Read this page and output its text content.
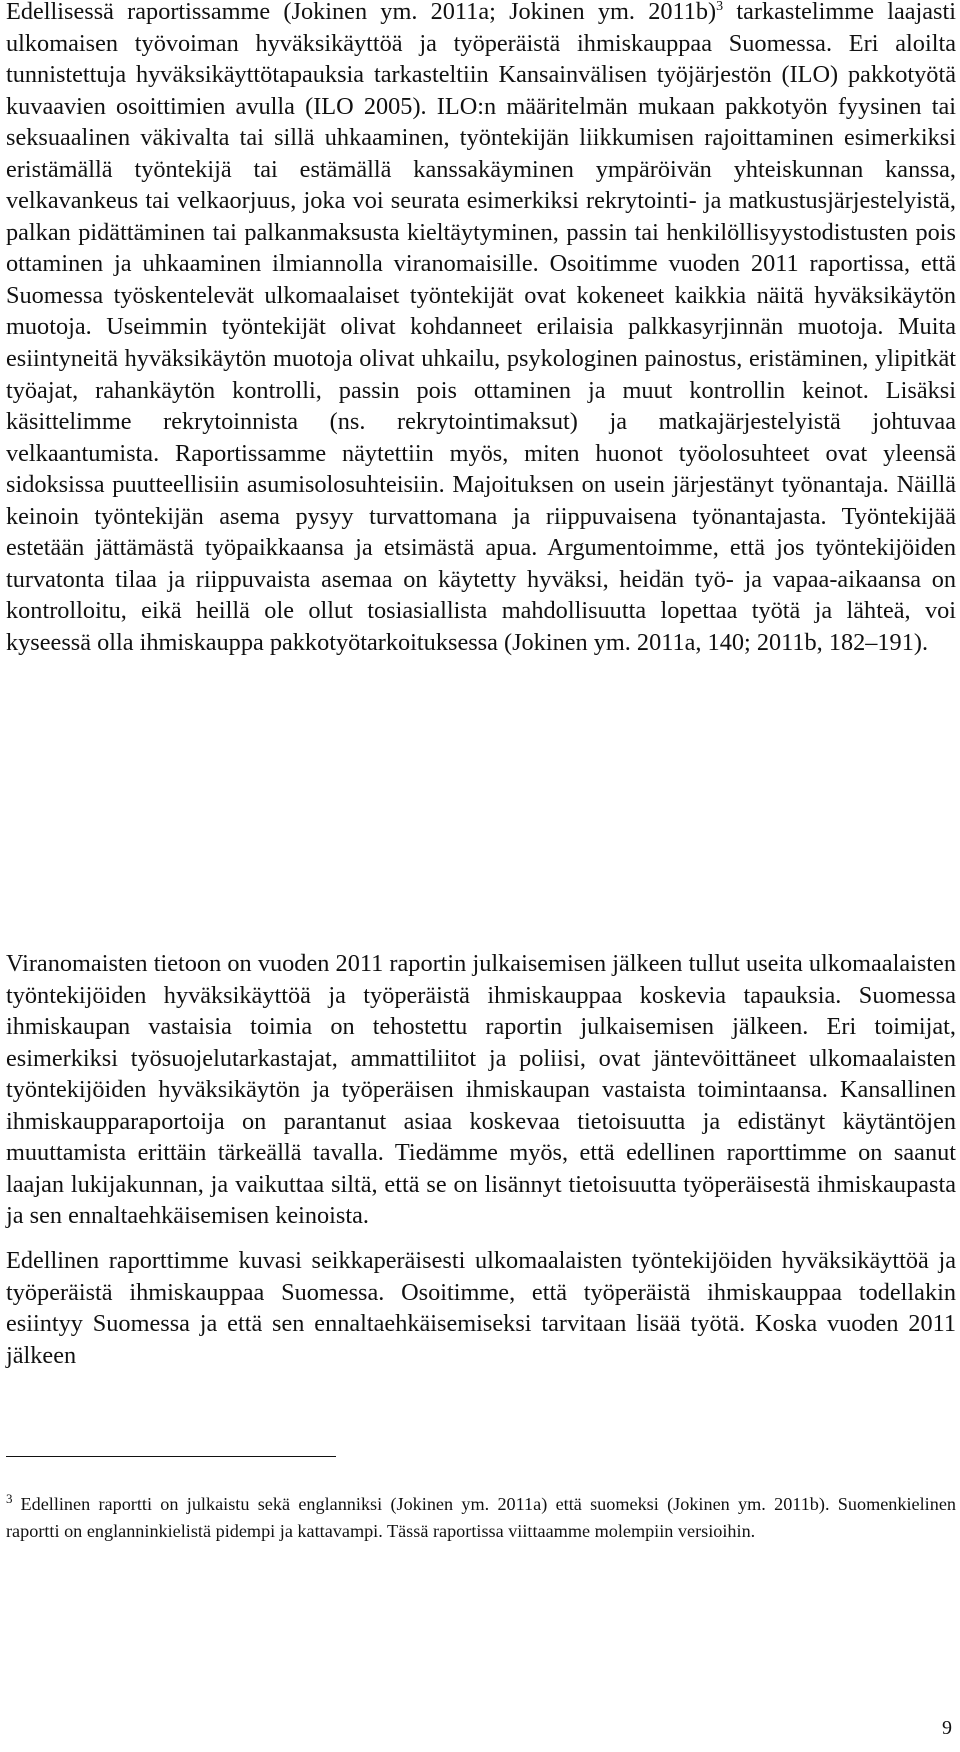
Edellisessä raportissamme (Jokinen ym. 2011a; Jokinen ym. 2011b)$^3$ tarkastelimme laajasti ulkomaisen työvoiman hyväksikäyttöä ja työperäistä ihmiskauppaa Suomessa. Eri aloilta tunnistettuja hyväksikäyttötapauksia tarkasteltiin Kansainvälisen työjärjestön (ILO) pakkotyötä kuvaavien osoittimien avulla (ILO 2005). ILO:n määritelmän mukaan pakkotyön fyysinen tai seksuaalinen väkivalta tai sillä uhkaaminen, työntekijän liikkumisen rajoittaminen esimerkiksi eristämällä työntekijä tai estämällä kanssakäyminen ympäröivän yhteiskunnan kanssa, velkavankeus tai velkaorjuus, joka voi seurata esimerkiksi rekrytointi- ja matkustusjärjestelyistä, palkan pidättäminen tai palkanmaksusta kieltäytyminen, passin tai henkilöllisyystodistusten pois ottaminen ja uhkaaminen ilmiannolla viranomaisille. Osoitimme vuoden 2011 raportissa, että Suomessa työskentelevät ulkomaalaiset työntekijät ovat kokeneet kaikkia näitä hyväksikäytön muotoja. Useimmin työntekijät olivat kohdanneet erilaisia palkkasyrjinnän muotoja. Muita esiintyneitä hyväksikäytön muotoja olivat uhkailu, psykologinen painostus, eristäminen, ylipitkät työajat, rahankäytön kontrolli, passin pois ottaminen ja muut kontrollin keinot. Lisäksi käsittelimme rekrytoinnista (ns. rekrytointimaksut) ja matkajärjestelyistä johtuvaa velkaantumista. Raportissamme näytettiin myös, miten huonot työolosuhteet ovat yleensä sidoksissa puutteellisiin asumisolosuhteisiin. Majoituksen on usein järjestänyt työnantaja. Näillä keinoin työntekijän asema pysyy turvattomana ja riippuvaisena työnantajasta. Työntekijää estetään jättämästä työpaikkaansa ja etsimästä apua. Argumentoimme, että jos työntekijöiden turvatonta tilaa ja riippuvaista asemaa on käytetty hyväksi, heidän työ- ja vapaa-aikaansa on kontrolloitu, eikä heillä ole ollut tosiasiallista mahdollisuutta lopettaa työtä ja lähteä, voi kyseessä olla ihmiskauppa pakkotyötarkoituksessa (Jokinen ym. 2011a, 140; 2011b, 182–191).

Viranomaisten tietoon on vuoden 2011 raportin julkaisemisen jälkeen tullut useita ulkomaalaisten työntekijöiden hyväksikäyttöä ja työperäistä ihmiskauppaa koskevia tapauksia. Suomessa ihmiskaupan vastaisia toimia on tehostettu raportin julkaisemisen jälkeen. Eri toimijat, esimerkiksi työsuojelutarkastajat, ammattiliitot ja poliisi, ovat jäntevöittäneet ulkomaalaisten työntekijöiden hyväksikäytön ja työperäisen ihmiskaupan vastaista toimintaansa. Kansallinen ihmiskaupparaportoija on parantanut asiaa koskevaa tietoisuutta ja edistänyt käytäntöjen muuttamista erittäin tärkeällä tavalla. Tiedämme myös, että edellinen raporttimme on saanut laajan lukijakunnan, ja vaikuttaa siltä, että se on lisännyt tietoisuutta työperäisestä ihmiskaupasta ja sen ennaltaehkäisemisen keinoista.

Edellinen raporttimme kuvasi seikkaperäisesti ulkomaalaisten työntekijöiden hyväksikäyttöä ja työperäistä ihmiskauppaa Suomessa. Osoitimme, että työperäistä ihmiskauppaa todellakin esiintyy Suomessa ja että sen ennaltaehkäisemiseksi tarvitaan lisää työtä. Koska vuoden 2011 jälkeen

$^3$ Edellinen raportti on julkaistu sekä englanniksi (Jokinen ym. 2011a) että suomeksi (Jokinen ym. 2011b). Suomenkielinen raportti on englanninkielistä pidempi ja kattavampi. Tässä raportissa viittaamme molempiin versioihin.

9
